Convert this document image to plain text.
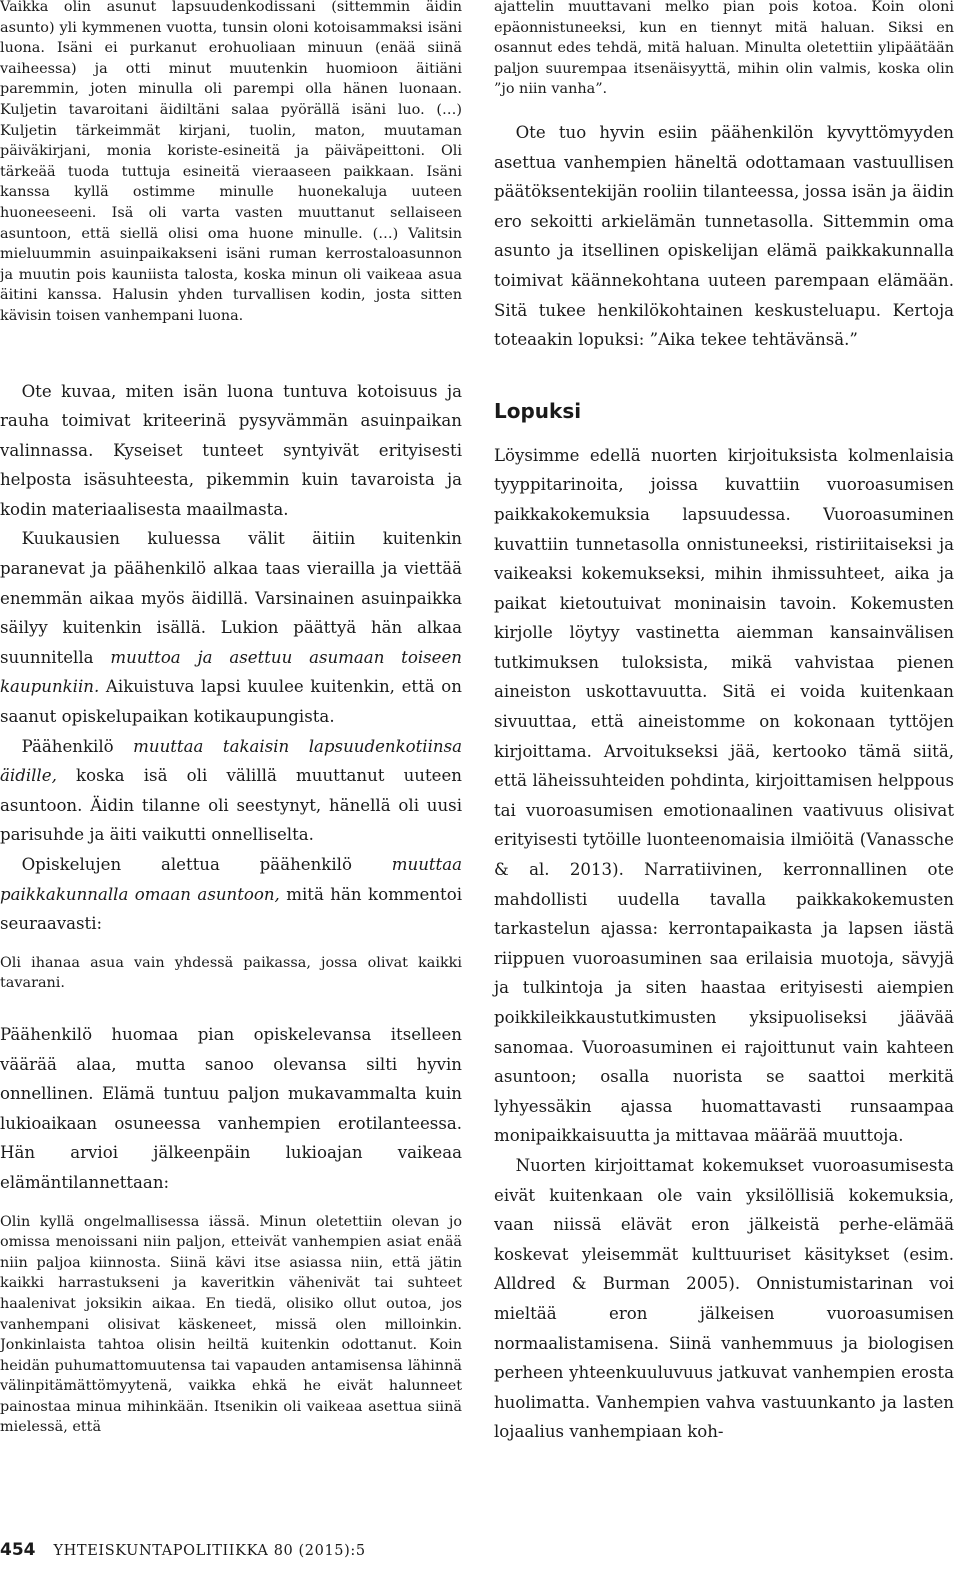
Vaikka olin asunut lapsuudenkodissani (sittemmin äidin asunto) yli kymmenen vuotta, tunsin oloni kotoisammaksi isäni luona. Isäni ei purkanut erohuoliaan minuun (enää siinä vaiheessa) ja otti minut muutenkin huomioon äitiäni paremmin, joten minulla oli parempi olla hänen luonaan. Kuljetin tavaroitani äidiltäni salaa pyörällä isäni luo. (…) Kuljetin tärkeimmät kirjani, tuolin, maton, muutaman päiväkirjani, monia koriste-esineitä ja päiväpeittoni. Oli tärkeää tuoda tuttuja esineitä vieraaseen paikkaan. Isäni kanssa kyllä ostimme minulle huonekaluja uuteen huoneeseeni. Isä oli varta vasten muuttanut sellaiseen asuntoon, että siellä olisi oma huone minulle. (…) Valitsin mieluummin asuinpaikakseni isäni ruman kerrostaloasunnon ja muutin pois kauniista talosta, koska minun oli vaikeaa asua äitini kanssa. Halusin yhden turvallisen kodin, josta sitten kävisin toisen vanhempani luona.

Ote kuvaa, miten isän luona tuntuva kotoisuus ja rauha toimivat kriteerinä pysyvämmän asuinpaikan valinnassa. Kyseiset tunteet syntyivät erityisesti helposta isäsuhteesta, pikemmin kuin tavaroista ja kodin materiaalisesta maailmasta.

Kuukausien kuluessa välit äitiin kuitenkin paranevat ja päähenkilö alkaa taas vierailla ja viettää enemmän aikaa myös äidillä. Varsinainen asuinpaikka säilyy kuitenkin isällä. Lukion päättyä hän alkaa suunnitella muuttoa ja asettuu asumaan toiseen kaupunkiin. Aikuistuva lapsi kuulee kuitenkin, että on saanut opiskelupaikan kotikaupungista.

Päähenkilö muuttaa takaisin lapsuudenkotiinsa äidille, koska isä oli välillä muuttanut uuteen asuntoon. Äidin tilanne oli seestynyt, hänellä oli uusi parisuhde ja äiti vaikutti onnelliselta.

Opiskelujen alettua päähenkilö muuttaa paikkakunnalla omaan asuntoon, mitä hän kommentoi seuraavasti:

Oli ihanaa asua vain yhdessä paikassa, jossa olivat kaikki tavarani.

Päähenkilö huomaa pian opiskelevansa itselleen väärää alaa, mutta sanoo olevansa silti hyvin onnellinen. Elämä tuntuu paljon mukavammalta kuin lukioaikaan osuneessa vanhempien erotilanteessa. Hän arvioi jälkeenpäin lukioajan vaikeaa elämäntilannettaan:

Olin kyllä ongelmallisessa iässä. Minun oletettiin olevan jo omissa menoissani niin paljon, etteivät vanhempien asiat enää niin paljoa kiinnosta. Siinä kävi itse asiassa niin, että jätin kaikki harrastukseni ja kaveritkin vähenivät tai suhteet haalenivat joksikin aikaa. En tiedä, olisiko ollut outoa, jos vanhempani olisivat käskeneet, missä olen milloinkin. Jonkinlaista tahtoa olisin heiltä kuitenkin odottanut. Koin heidän puhumattomuutensa tai vapauden antamisensa lähinnä välinpitämättömyytenä, vaikka ehkä he eivät halunneet painostaa minua mihinkään. Itsenikin oli vaikeaa asettua siinä mielessä, että

ajattelin muuttavani melko pian pois kotoa. Koin oloni epäonnistuneeksi, kun en tiennyt mitä haluan. Siksi en osannut edes tehdä, mitä haluan. Minulta oletettiin ylipäätään paljon suurempaa itsenäisyyttä, mihin olin valmis, koska olin ”jo niin vanha”.

Ote tuo hyvin esiin päähenkilön kyvyttömyyden asettua vanhempien häneltä odottamaan vastuullisen päätöksentekijän rooliin tilanteessa, jossa isän ja äidin ero sekoitti arkielämän tunnetasolla. Sittemmin oma asunto ja itsellinen opiskelijan elämä paikkakunnalla toimivat käännekohtana uuteen parempaan elämään. Sitä tukee henkilökohtainen keskusteluapu. Kertoja toteaakin lopuksi: ”Aika tekee tehtävänsä.”

Lopuksi

Löysimme edellä nuorten kirjoituksista kolmenlaisia tyyppitarinoita, joissa kuvattiin vuoroasumisen paikkakokemuksia lapsuudessa. Vuoroasuminen kuvattiin tunnetasolla onnistuneeksi, ristiriitaiseksi ja vaikeaksi kokemukseksi, mihin ihmissuhteet, aika ja paikat kietoutuivat moninaisin tavoin. Kokemusten kirjolle löytyy vastinetta aiemman kansainvälisen tutkimuksen tuloksista, mikä vahvistaa pienen aineiston uskottavuutta. Sitä ei voida kuitenkaan sivuuttaa, että aineistomme on kokonaan tyttöjen kirjoittama. Arvoitukseksi jää, kertooko tämä siitä, että läheissuhteiden pohdinta, kirjoittamisen helppous tai vuoroasumisen emotionaalinen vaativuus olisivat erityisesti tytöille luonteenomaisia ilmiöitä (Vanassche & al. 2013). Narratiivinen, kerronnallinen ote mahdollisti uudella tavalla paikkakokemusten tarkastelun ajassa: kerrontapaikasta ja lapsen iästä riippuen vuoroasuminen saa erilaisia muotoja, sävyjä ja tulkintoja ja siten haastaa erityisesti aiempien poikkileikkaustutkimusten yksipuoliseksi jäävää sanomaa. Vuoroasuminen ei rajoittunut vain kahteen asuntoon; osalla nuorista se saattoi merkitä lyhyessäkin ajassa huomattavasti runsaampaa monipaikkaisuutta ja mittavaa määrää muuttoja.

Nuorten kirjoittamat kokemukset vuoroasumisesta eivät kuitenkaan ole vain yksilöllisiä kokemuksia, vaan niissä elävät eron jälkeistä perhe-elämää koskevat yleisemmät kulttuuriset käsitykset (esim. Alldred & Burman 2005). Onnistumistarinan voi mieltää eron jälkeisen vuoroasumisen normaalistamisena. Siinä vanhemmuus ja biologisen perheen yhteenkuuluvuus jatkuvat vanhempien erosta huolimatta. Vanhempien vahva vastuunkanto ja lasten lojaalius vanhempiaan koh-

454 YHTEISKUNTAPOLITIIKKA 80 (2015):5
